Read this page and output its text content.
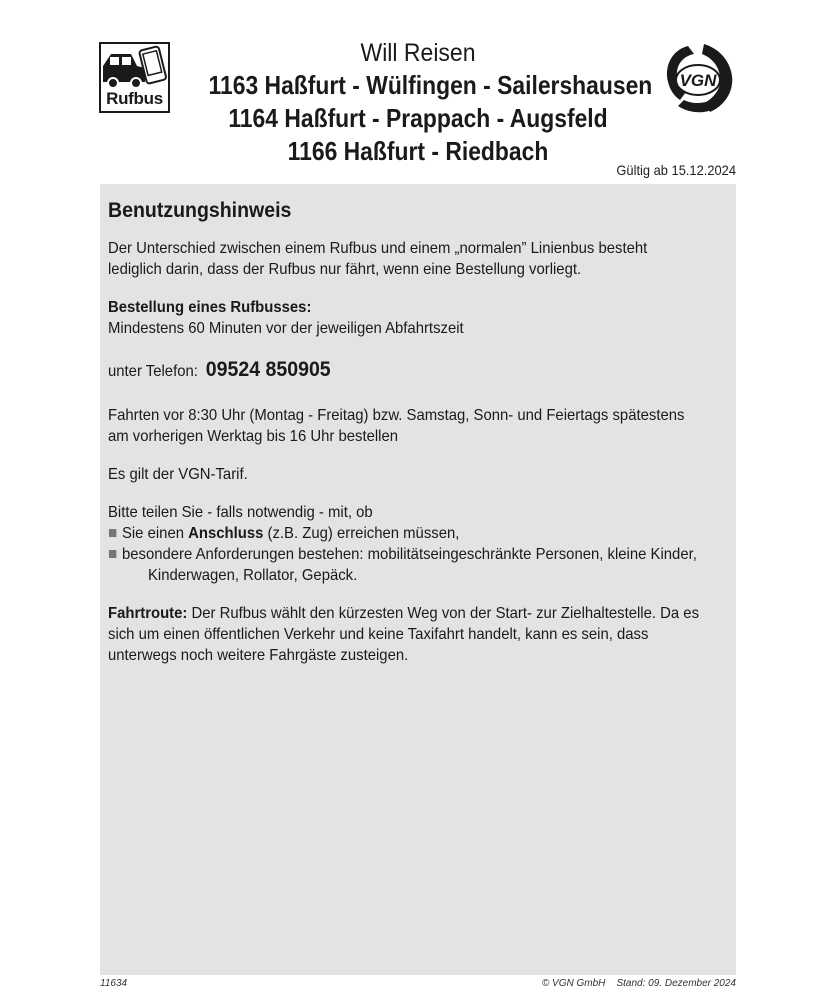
Rufbus
Will Reisen
1163 Haßfurt - Wülfingen - Sailershausen
1164 Haßfurt - Prappach - Augsfeld
1166 Haßfurt - Riedbach
VGN
Gültig ab 15.12.2024
Benutzungshinweis

Der Unterschied zwischen einem Rufbus und einem „normalen” Linienbus besteht lediglich darin, dass der Rufbus nur fährt, wenn eine Bestellung vorliegt.

Bestellung eines Rufbusses:
Mindestens 60 Minuten vor der jeweiligen Abfahrtszeit

unter Telefon: 09524 850905

Fahrten vor 8:30 Uhr (Montag - Freitag) bzw. Samstag, Sonn- und Feiertags spätestens am vorherigen Werktag bis 16 Uhr bestellen

Es gilt der VGN-Tarif.

Bitte teilen Sie - falls notwendig - mit, ob
Sie einen Anschluss (z.B. Zug) erreichen müssen,
besondere Anforderungen bestehen: mobilitätseingeschränkte Personen, kleine Kinder,
Kinderwagen, Rollator, Gepäck.

Fahrtroute: Der Rufbus wählt den kürzesten Weg von der Start- zur Zielhaltestelle. Da es sich um einen öffentlichen Verkehr und keine Taxifahrt handelt, kann es sein, dass unterwegs noch weitere Fahrgäste zusteigen.

11634	© VGN GmbH    Stand: 09. Dezember 2024
